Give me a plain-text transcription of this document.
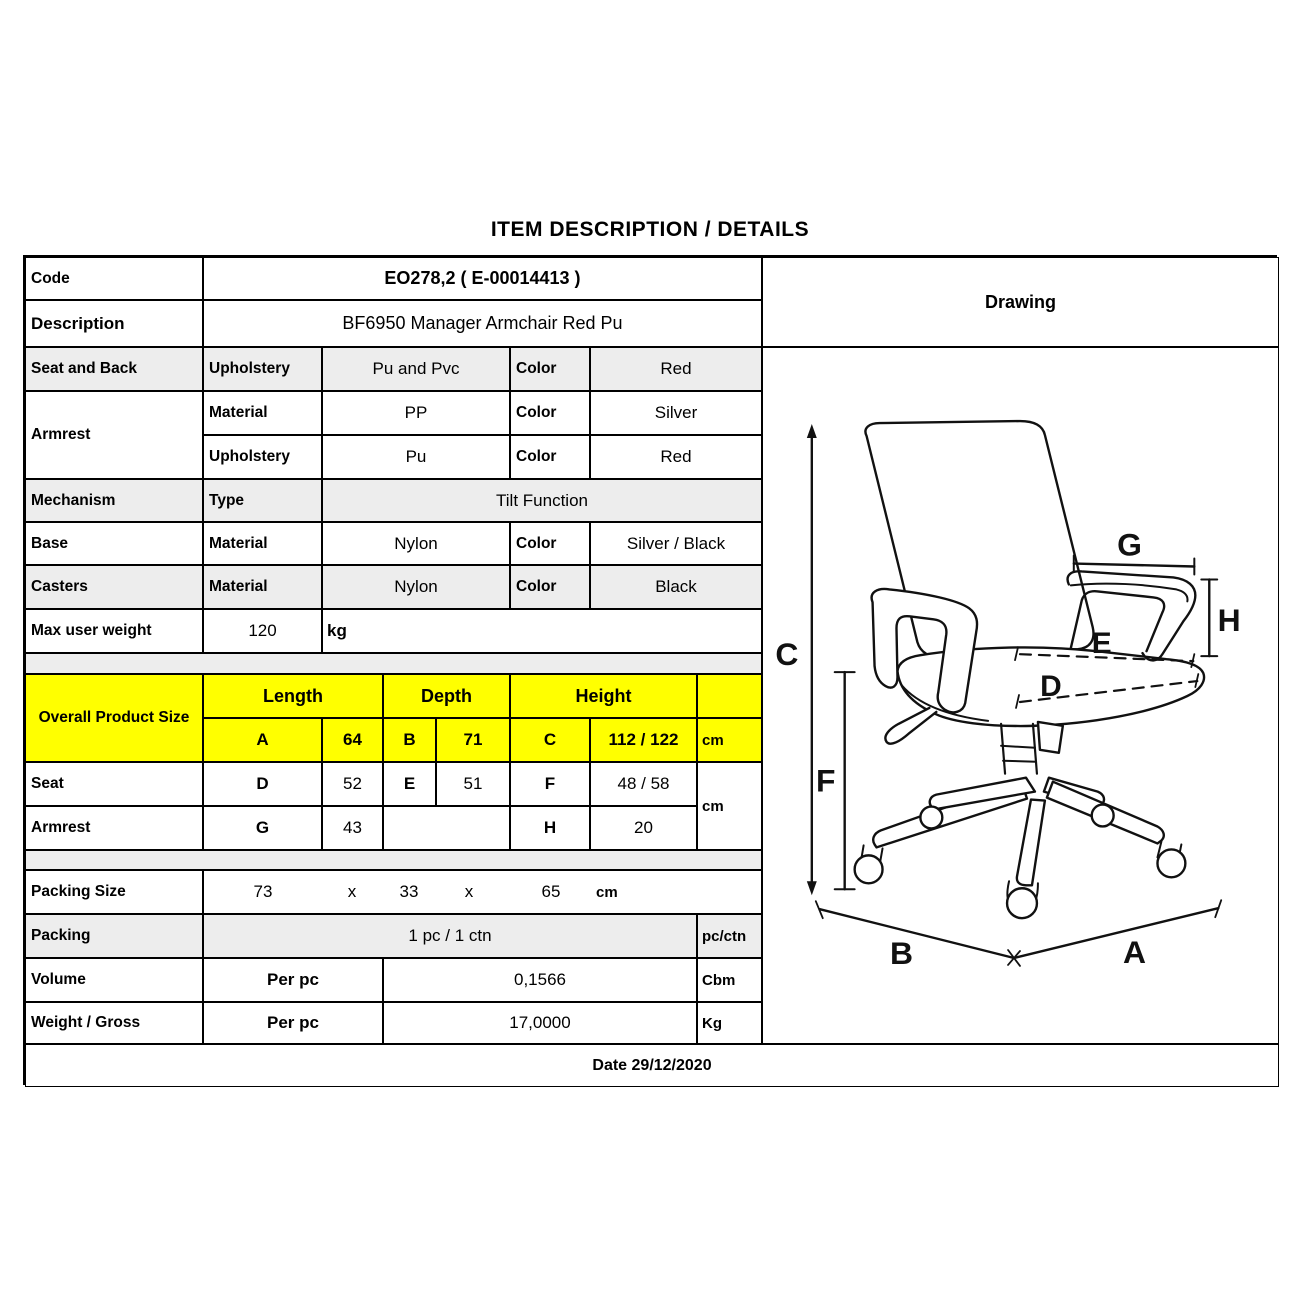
ITEM DESCRIPTION / DETAILS
Code	EO278,2 ( E-00014413 )
Description	BF6950 Manager Armchair Red Pu
Seat and Back	Upholstery	Pu and Pvc	Color	Red
Armrest
Material	PP	Color	Silver
Upholstery	Pu	Color	Red
Mechanism	Type	Tilt Function
Base	Material	Nylon	Color	Silver / Black
Casters	Material	Nylon	Color	Black
Max user weight	120	kg
Overall Product Size
Length	Depth	Height
A	64	B	71	C	112 / 122	cm
Seat	D	52	E	51	F	48 / 58
cm
Armrest	G	43	H	20
Packing Size	73	x	33	x	65 cm
Packing	1 pc / 1 ctn	pc/ctn
Volume	Per pc	0,1566	Cbm
Weight / Gross	Per pc	17,0000	Kg
Date 29/12/2020
Drawing
C
F
G
H
E
D
A
B
